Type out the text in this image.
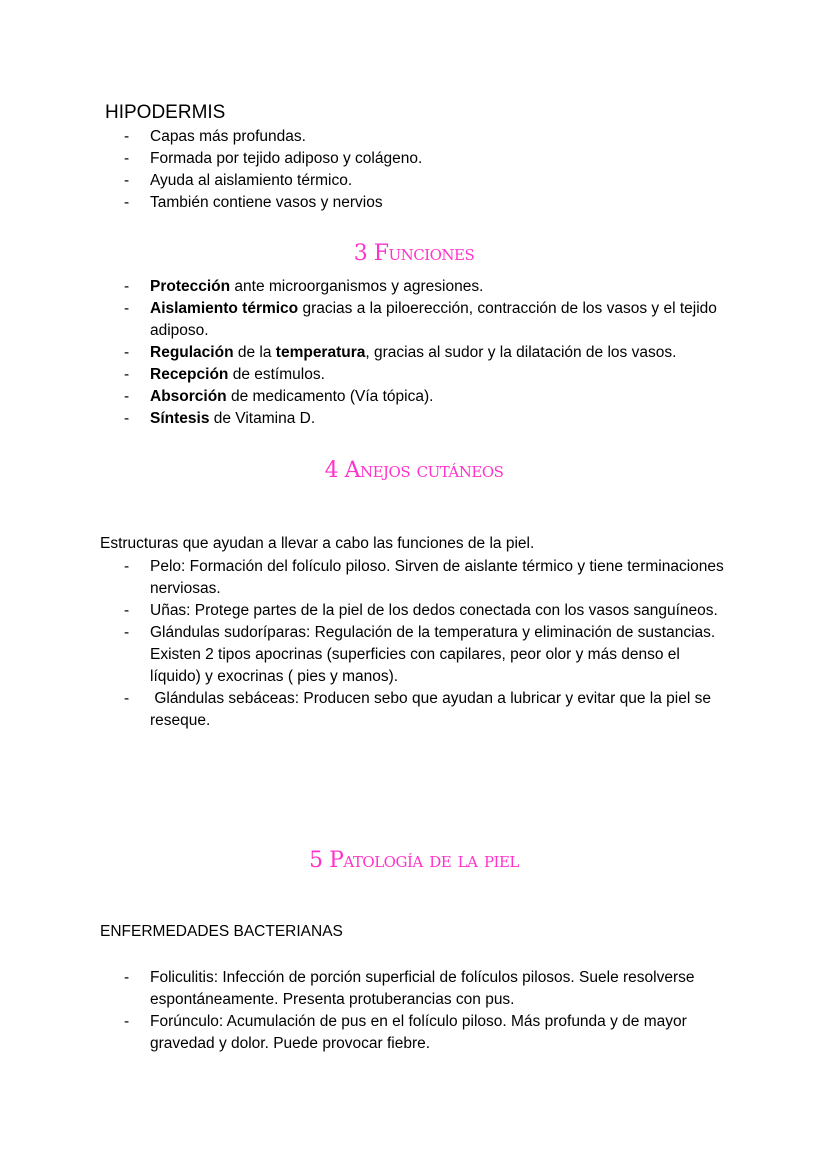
HIPODERMIS
- Capas más profundas.
- Formada por tejido adiposo y colágeno.
- Ayuda al aislamiento térmico.
- También contiene vasos y nervios
3 Funciones
- Protección ante microorganismos y agresiones.
- Aislamiento térmico gracias a la piloerección, contracción de los vasos y el tejido adiposo.
- Regulación de la temperatura, gracias al sudor y la dilatación de los vasos.
- Recepción de estímulos.
- Absorción de medicamento (Vía tópica).
- Síntesis de Vitamina D.
4 Anejos cutáneos

Estructuras que ayudan a llevar a cabo las funciones de la piel.

- Pelo: Formación del folículo piloso. Sirven de aislante térmico y tiene terminaciones nerviosas.
- Uñas: Protege partes de la piel de los dedos conectada con los vasos sanguíneos.
- Glándulas sudoríparas: Regulación de la temperatura y eliminación de sustancias. Existen 2 tipos apocrinas (superficies con capilares, peor olor y más denso el líquido) y exocrinas ( pies y manos).
- Glándulas sebáceas: Producen sebo que ayudan a lubricar y evitar que la piel se reseque.
5 Patología de la piel
ENFERMEDADES BACTERIANAS
- Foliculitis: Infección de porción superficial de folículos pilosos. Suele resolverse espontáneamente. Presenta protuberancias con pus.
- Forúnculo: Acumulación de pus en el folículo piloso. Más profunda y de mayor gravedad y dolor. Puede provocar fiebre.
